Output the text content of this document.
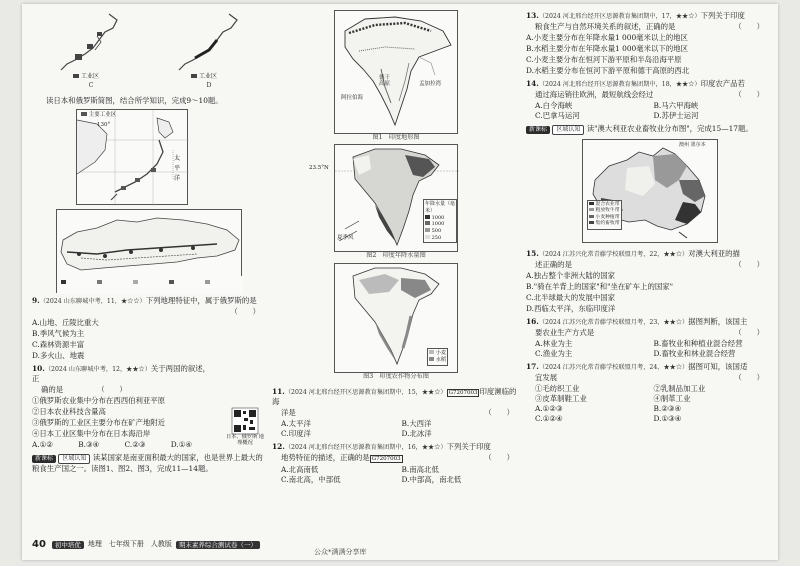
工业区
C
工业区
D

读日本和俄罗斯简图，结合所学知识，完成9～10题。

太
平
洋
主要工业区
130°

9.（2024 山东聊城中考，11，★☆☆）下列地理特征中，属于俄罗斯的是

（　　）

A.山地、丘陵比重大

B.季风气候为主

C.森林资源丰富

D.多火山、地震

10.（2024 山东聊城中考，12，★★☆）关于两国的叙述，正

确的是	（　　）

①俄罗斯农业集中分布在西西伯利亚平原

②日本农业科技含量高

③俄罗斯的工业区主要分布在矿产地附近

④日本工业区集中分布在日本海沿岸

A.①②	B.③④	C.②③	D.①④

日本、俄罗斯 地理概况

新课标 区域认知 读某国家是南亚面积最大的国家，也是世界上最大的粮食生产国之一。读图1、图2、图3，完成11—14题。

阿拉伯海
孟加拉湾
德干高原
图1　印度地形图
23.5°N
夏季风
年降水量（毫米）
1000
1000
500
250
图2　印度年降水量图
小麦
水稻
图3　印度农作物分布图

11.（2024 河北邢台经开区思源教育集团期中，15，★★☆） G7207003 印度濒临的海

洋是	（　　）

A.太平洋	B.大西洋
C.印度洋	D.北冰洋

12.（2024 河北邢台经开区思源教育集团期中，16，★★☆）下列关于印度

地势特征的描述，正确的是 G7207003	（　　）

A.北高南低	B.南高北低
C.南北高，中部低	D.中部高，南北低

13.（2024 河北邢台经开区思源教育集团期中，17，★★☆）下列关于印度

粮食生产与自然环境关系的叙述，正确的是	（　　）

A.小麦主要分布在年降水量1 000毫米以上的地区

B.水稻主要分布在年降水量1 000毫米以下的地区

C.小麦主要分布在恒河下游平原和半岛沿海平原

D.水稻主要分布在恒河下游平原和德干高原的西北

14.（2024 河北邢台经开区思源教育集团期中，18，★★☆）印度农产品若

通过海运销往欧洲，最短航线会经过	（　　）

A.白令海峡	B.马六甲海峡
C.巴拿马运河	D.苏伊士运河

新课标 区域认知 读"澳大利亚农业畜牧业分布图"，完成15—17题。

澳州 墨尔本
混合农业带
粗放牧牛带
小麦种植带
集约畜牧带

15.（2024 江苏兴化常青藤学校联盟月考，22，★★☆）对澳大利亚的描

述正确的是	（　　）

A.独占整个非洲大陆的国家

B."骑在羊背上的国家"和"坐在矿车上的国家"

C.北半球最大的发展中国家

D.西临太平洋，东临印度洋

16.（2024 江苏兴化常青藤学校联盟月考，23，★★☆）据图判断，该国主

要农业生产方式是	（　　）

A.林业为主	B.畜牧业和种植业混合经营
C.渔业为主	D.畜牧业和林业混合经营

17.（2024 江苏兴化常青藤学校联盟月考，24，★★☆）据图可知，该国适

宜发展	（　　）

①毛纺织工业	②乳制品加工业
③皮革制鞋工业	④制革工业
A.①②③	B.②③④
C.①②④	D.①③④
40	初中培优	地理　七年级下册　人教版	期末素养综合测试卷（一）
公众*满满分享库
